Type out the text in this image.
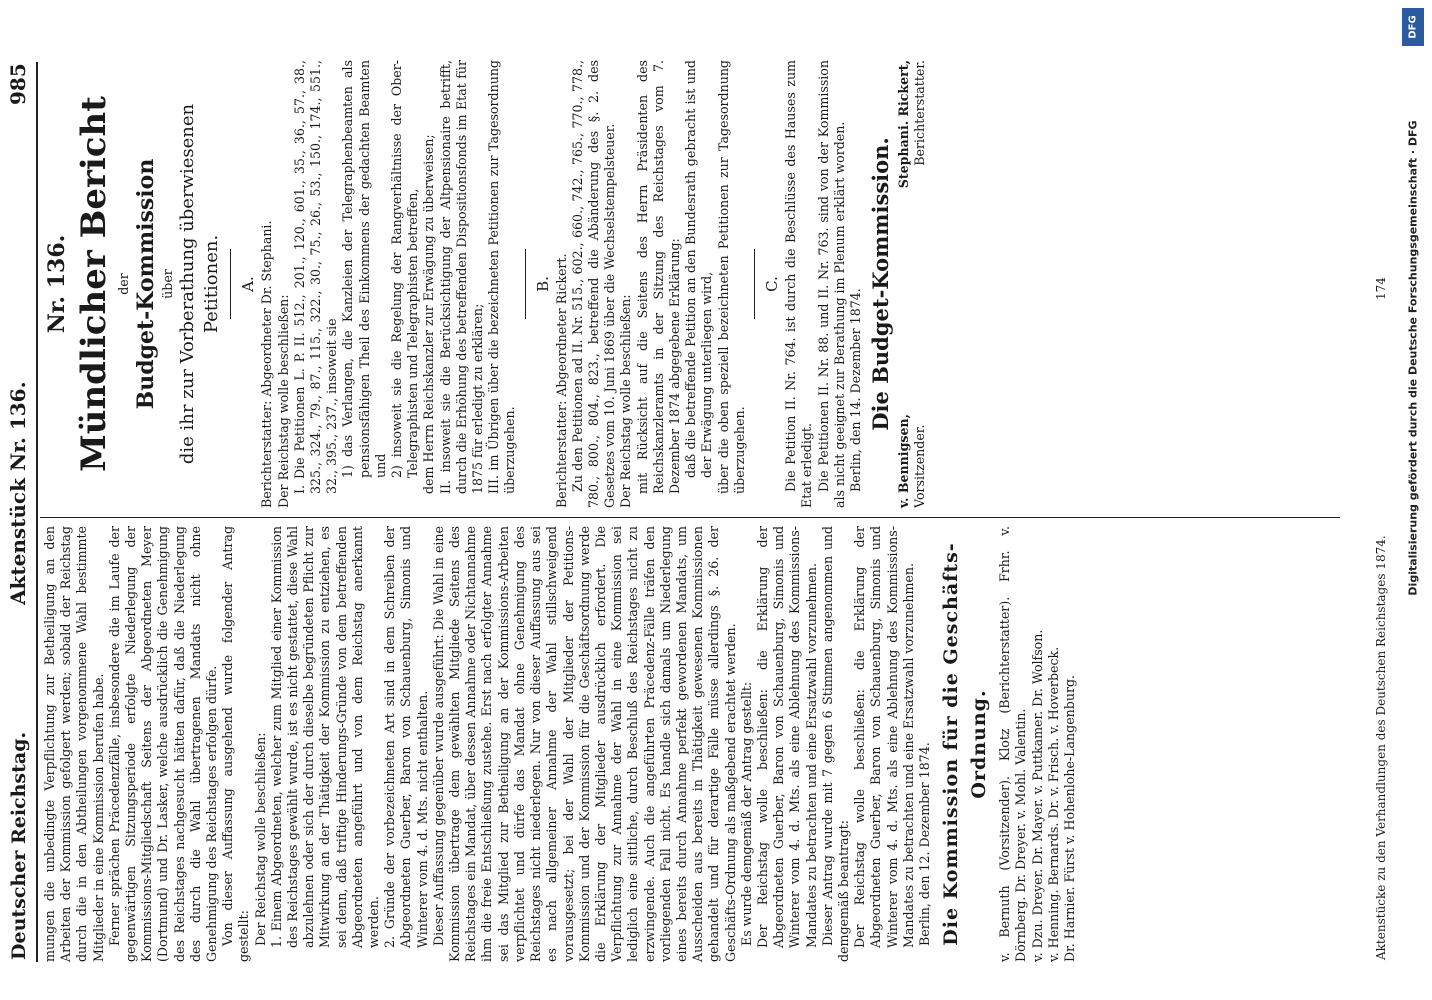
Deutscher Reichstag.
Aktenstück Nr. 136.
985

mungen die unbedingte Verpflichtung zur Betheiligung an den Arbeiten der Kommission gefolgert werden; sobald der Reichstag durch die in den Abtheilungen vorgenommene Wahl bestimmte Mitglieder in eine Kommission berufen habe. Ferner sprächen Präcedenzfälle, insbesondere die im Laufe der gegenwärtigen Sitzungsperiode erfolgte Niederlegung der Kommissions-Mitgliedschaft Seitens der Abgeordneten Meyer (Dortmund) und Dr. Lasker, welche ausdrücklich die Genehmigung des Reichstages nachgesucht hätten dafür, daß die Niederlegung des durch die Wahl übertragenen Mandats nicht ohne Genehmigung des Reichstages erfolgen dürfe. Von dieser Auffassung ausgehend wurde folgender Antrag gestellt: Der Reichstag wolle beschließen: 1. Einem Abgeordneten, welcher zum Mitglied einer Kommission des Reichstages gewählt wurde, ist es nicht gestattet, diese Wahl abzulehnen oder sich der durch dieselbe begründeten Pflicht zur Mitwirkung an der Thätigkeit der Kommission zu entziehen, es sei denn, daß triftige Hinderungs-Gründe von dem betreffenden Abgeordneten angeführt und von dem Reichstag anerkannt werden. 2. Gründe der vorbezeichneten Art sind in dem Schreiben der Abgeordneten Guerber, Baron von Schauenburg, Simonis und Winterer vom 4. d. Mts. nicht enthalten. Dieser Auffassung gegenüber wurde ausgeführt: Die Wahl in eine Kommission übertrage dem gewählten Mitgliede Seitens des Reichstages ein Mandat, über dessen Annahme oder Nichtannahme ihm die freie Entschließung zustehe. Erst nach erfolgter Annahme sei das Mitglied zur Betheiligung an der Kommissions-Arbeiten verpflichtet und dürfe das Mandat ohne Genehmigung des Reichstages nicht niederlegen. Nur von dieser Auffassung aus sei es nach allgemeiner Annahme der Wahl stillschweigend vorausgesetzt; bei der Wahl der Mitglieder der Petitions-Kommission und der Kommission für die Geschäftsordnung werde die Erklärung der Mitglieder ausdrücklich erfordert. Die Verpflichtung zur Annahme der Wahl in eine Kommission sei lediglich eine sittliche, durch Beschluß des Reichstages nicht zu erzwingende. Auch die angeführten Präcedenz-Fälle träfen den vorliegenden Fall nicht. Es handle sich damals um Niederlegung eines bereits durch Annahme perfekt gewordenen Mandats, um Ausscheiden aus bereits in Thätigkeit gewesenen Kommissionen gehandelt und für derartige Fälle müsse allerdings §. 26. der Geschäfts-Ordnung als maßgebend erachtet werden. Es wurde demgemäß der Antrag gestellt: Der Reichstag wolle beschließen: die Erklärung der Abgeordneten Guerber, Baron von Schauenburg, Simonis und Winterer vom 4. d. Mts. als eine Ablehnung des Kommissions-Mandates zu betrachten und eine Ersatzwahl vorzunehmen. Dieser Antrag wurde mit 7 gegen 6 Stimmen angenommen und demgemäß beantragt: Der Reichstag wolle beschließen: die Erklärung der Abgeordneten Guerber, Baron von Schauenburg, Simonis und Winterer vom 4. d. Mts. als eine Ablehnung des Kommissions-Mandates zu betrachten und eine Ersatzwahl vorzunehmen. Berlin, den 12. Dezember 1874. Die Kommission für die Geschäfts-Ordnung. v. Bernuth (Vorsitzender). Klotz (Berichterstatter). Frhr. v. Dörnberg. Dr. Dreyer. v. Mohl. Valentin. v. Dzu. Dreyer. Dr. Mayer. v. Puttkamer. Dr. Wolfson. v. Henning. Bernards. Dr. v. Frisch. v. Hoverbeck. Dr. Harnier. Fürst v. Hohenlohe-Langenburg.

Nr. 136. Mündlicher Bericht der Budget-Kommission über die ihr zur Vorberathung überwiesenen Petitionen. A. Berichterstatter: Abgeordneter Dr. Stephani. Der Reichstag wolle beschließen: I. Die Petitionen L. P. II. 512., 201., 120., 601., 35., 36., 57., 38., 325., 324., 79., 87., 115., 322., 30., 75., 26., 53., 150., 174., 551., 32., 395., 237., insoweit sie 1) das Verlangen, die Kanzleien der Telegraphenbeamten als pensionsfähigen Theil des Einkommens der gedachten Beamten und 2) insoweit sie die Regelung der Rangverhältnisse der Ober-Telegraphisten und Telegraphisten betreffen, dem Herrn Reichskanzler zur Erwägung zu überweisen; II. insoweit sie die Berücksichtigung der Altpensionaire betrifft, durch die Erhöhung des betreffenden Dispositionsfonds im Etat für 1875 für erledigt zu erklären; III. im Übrigen über die bezeichneten Petitionen zur Tagesordnung überzugehen.

B. Berichterstatter: Abgeordneter Rickert. Zu den Petitionen ad II. Nr. 515., 602., 660., 742., 765., 770., 778., 780., 800., 804., 823., betreffend die Abänderung des §. 2. des Gesetzes vom 10. Juni 1869 über die Wechselstempelsteuer. Der Reichstag wolle beschließen: mit Rücksicht auf die Seitens des Herrn Präsidenten des Reichskanzleramts in der Sitzung des Reichstages vom 7. Dezember 1874 abgegebene Erklärung: daß die betreffende Petition an den Bundesrath gebracht ist und der Erwägung unterliegen wird, über die oben speziell bezeichneten Petitionen zur Tagesordnung überzugehen.

C. Die Petition II. Nr. 764. ist durch die Beschlüsse des Hauses zum Etat erledigt. Die Petitionen II. Nr. 88. und II. Nr. 763. sind von der Kommission als nicht geeignet zur Berathung im Plenum erklärt worden. Berlin, den 14. Dezember 1874. Die Budget-Kommission.

v. Bennigsen, Vorsitzender.

Stephani. Rickert, Berichterstatter.

Aktenstücke zu den Verhandlungen des Deutschen Reichstages 1874.
174
DFG
Digitalisierung gefördert durch die Deutsche Forschungsgemeinschaft · DFG
